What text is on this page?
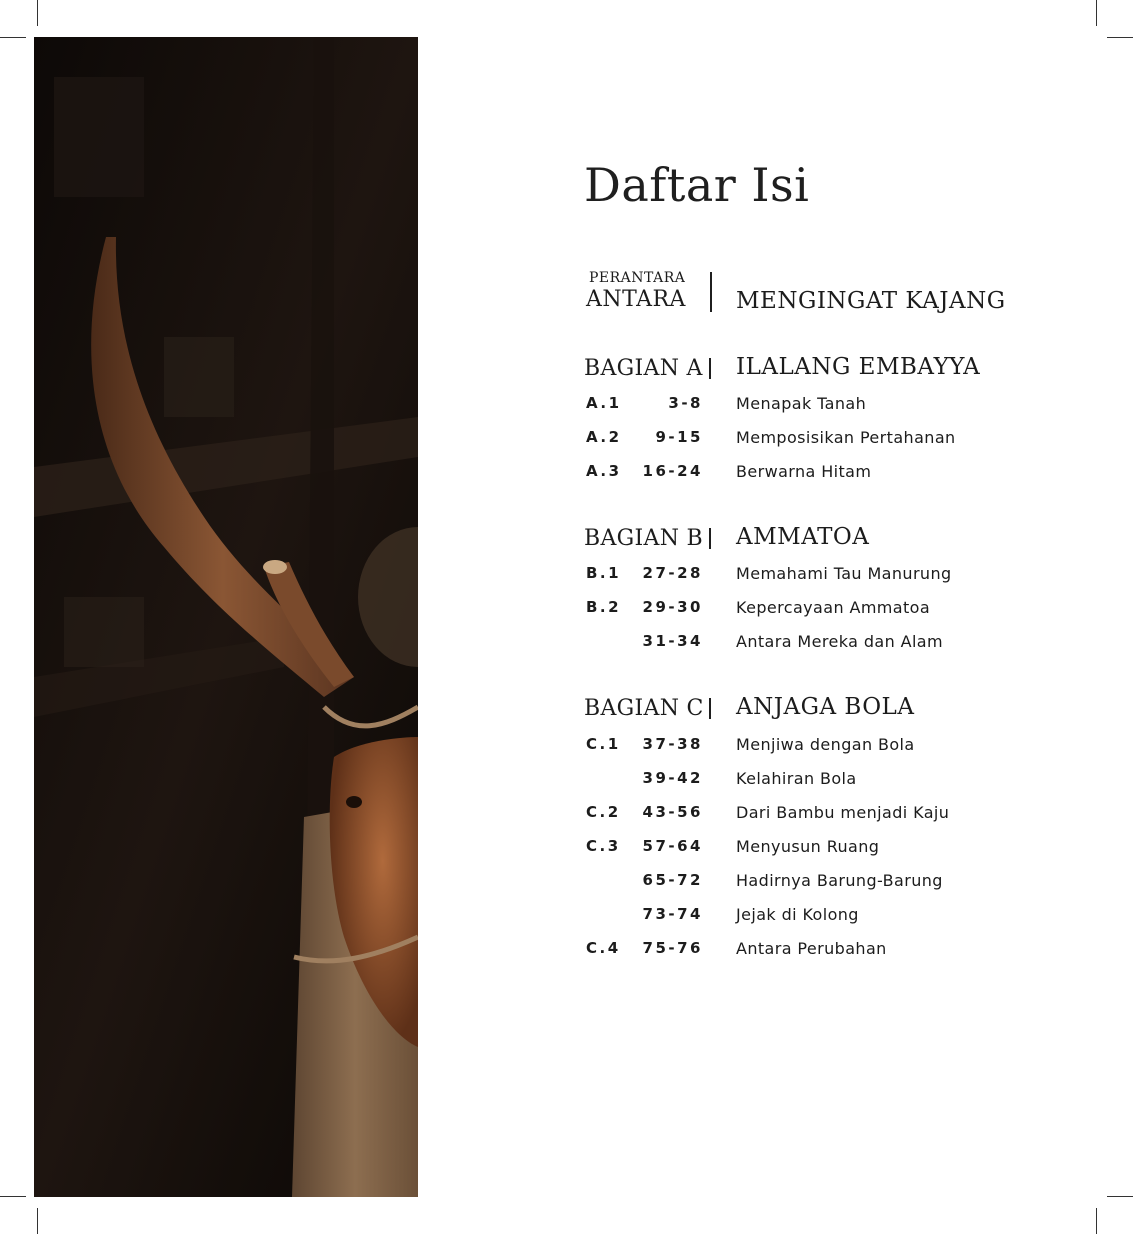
Daftar Isi
PERANTARA
ANTARA MENGINGAT KAJANG
BAGIAN A ILALANG EMBAYYA
A.1	3-8 Menapak Tanah
A.2 9-15 Memposisikan Pertahanan
A.3 16-24 Berwarna Hitam
BAGIAN B AMMATOA
B.1 27-28 Memahami Tau Manurung
B.2 29-30 Kepercayaan Ammatoa
31-34 Antara Mereka dan Alam
BAGIAN C ANJAGA BOLA
C.1 37-38 Menjiwa dengan Bola
39-42 Kelahiran Bola
C.2 43-56 Dari Bambu menjadi Kaju
C.3 57-64 Menyusun Ruang
65-72 Hadirnya Barung-Barung
73-74 Jejak di Kolong
C.4 75-76 Antara Perubahan
